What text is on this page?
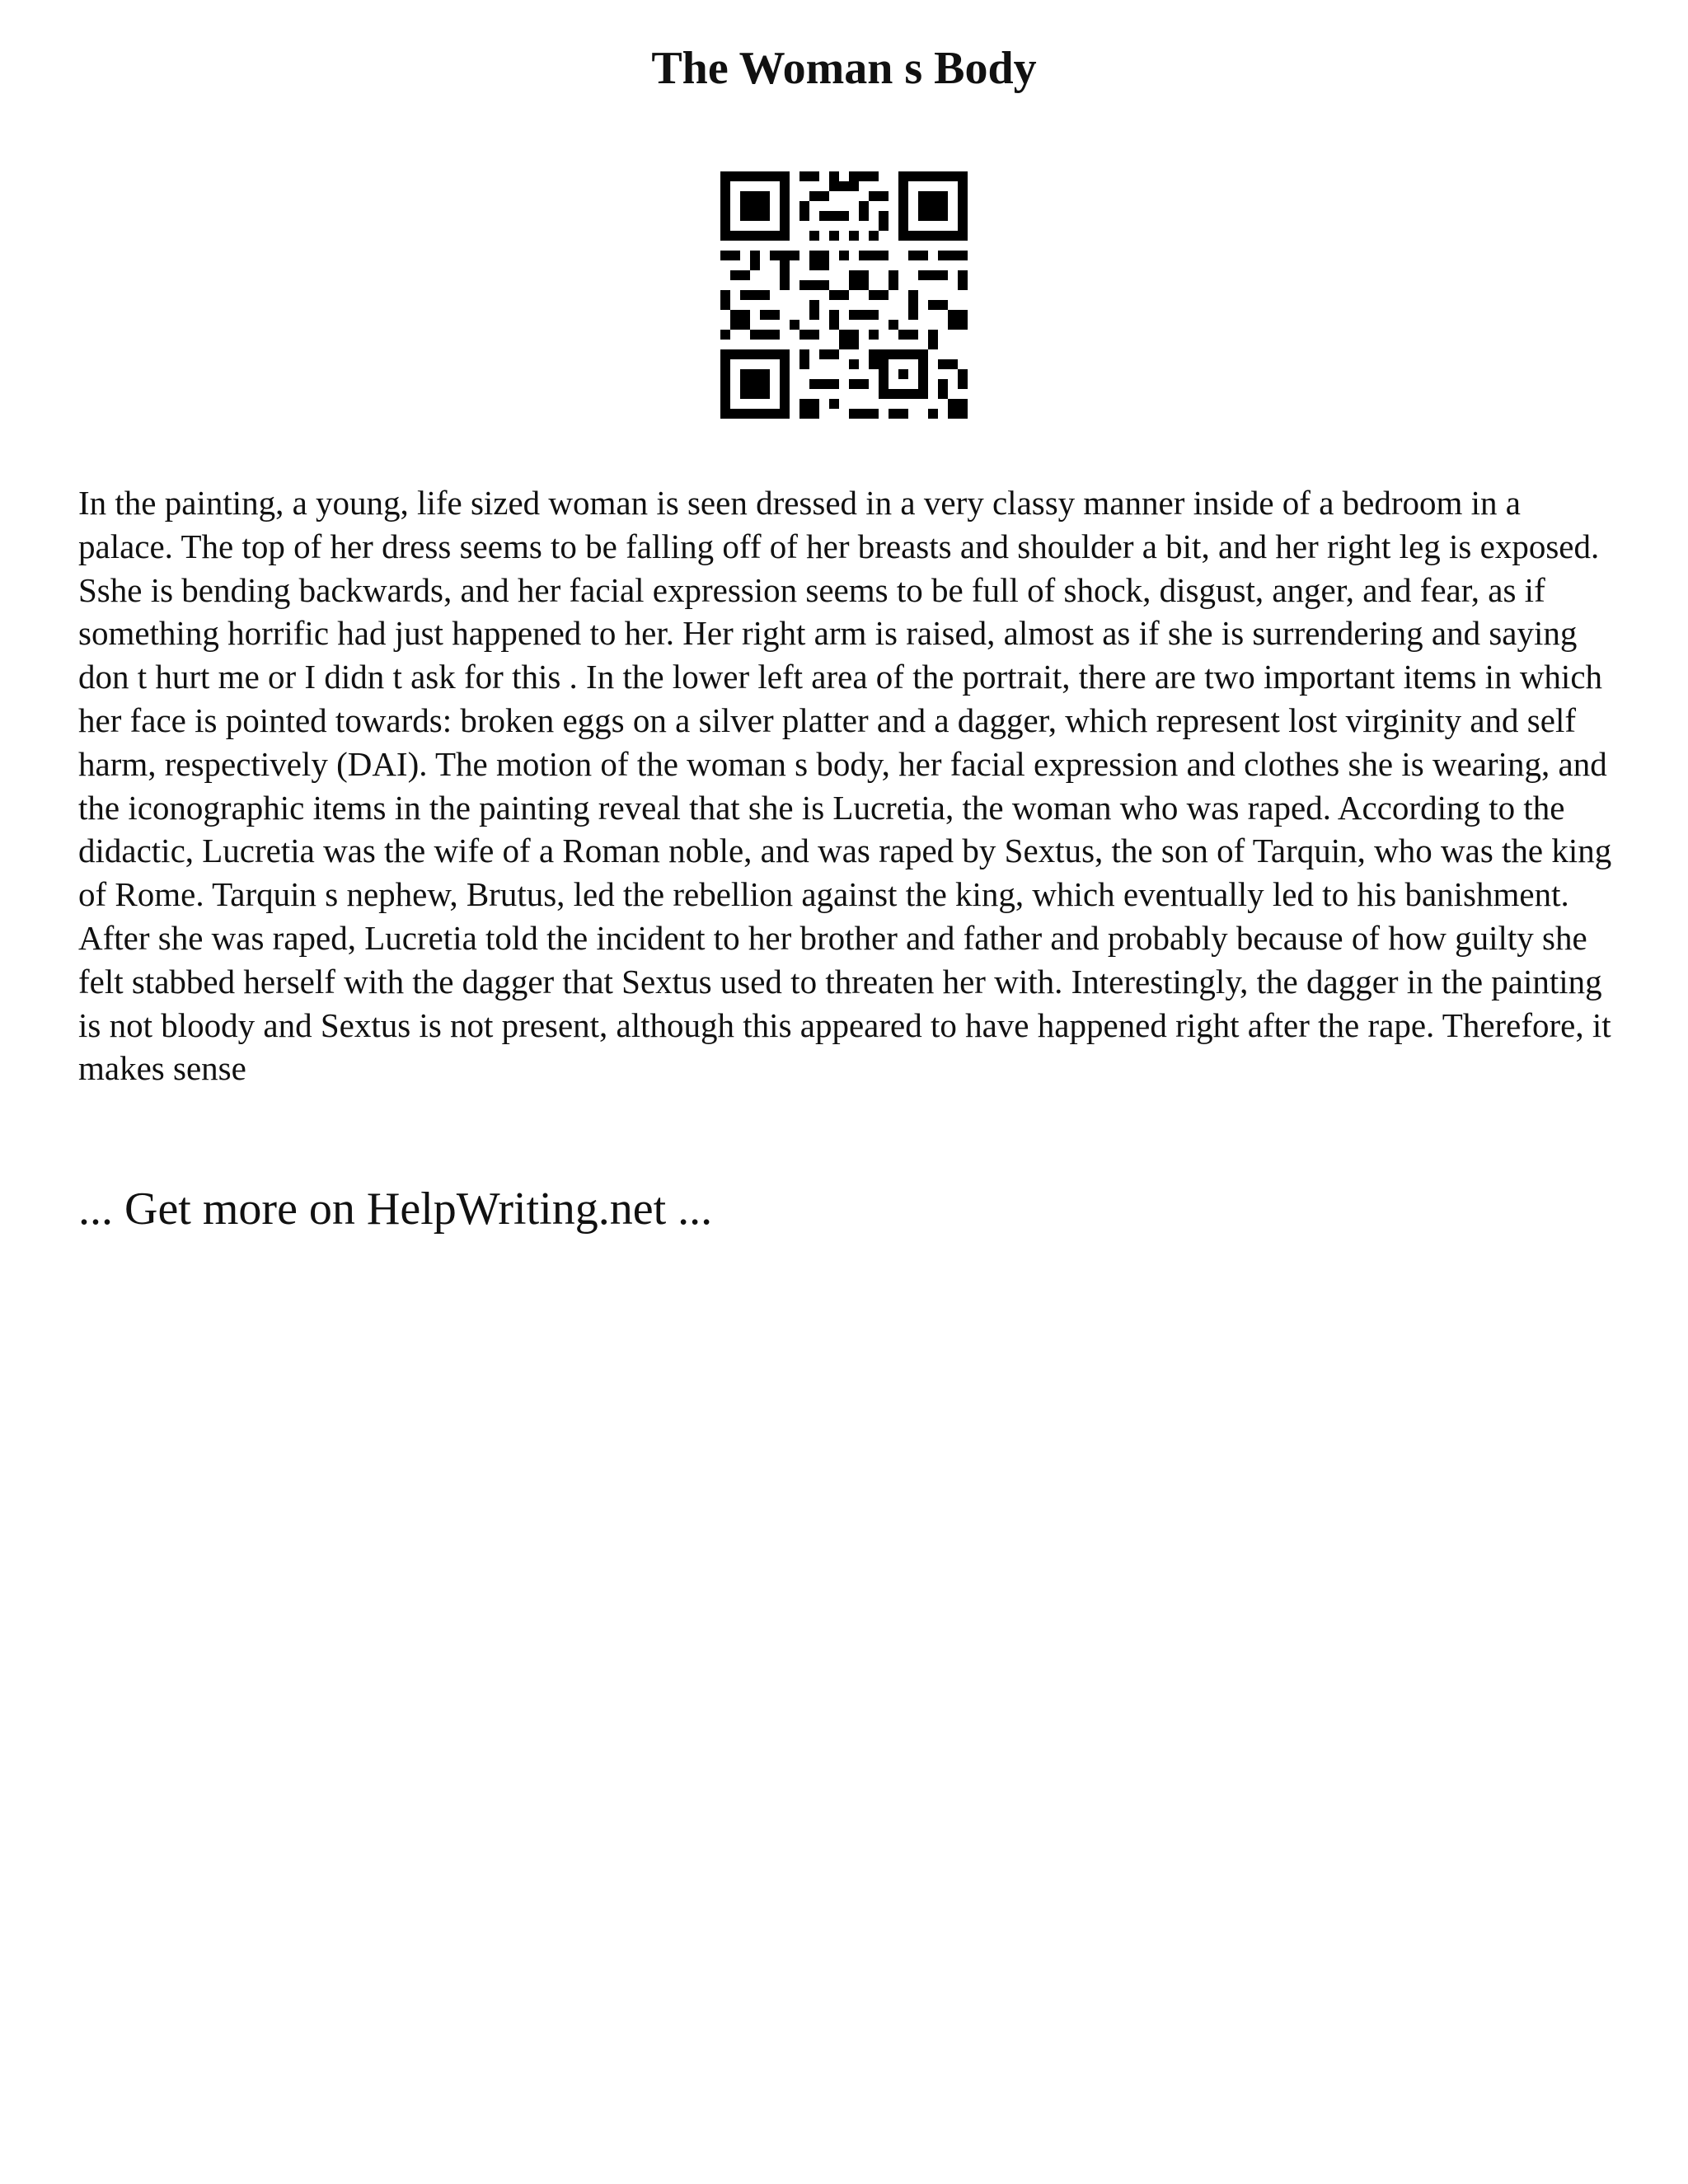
The Woman s Body

In the painting, a young, life sized woman is seen dressed in a very classy manner inside of a bedroom in a palace. The top of her dress seems to be falling off of her breasts and shoulder a bit, and her right leg is exposed. Sshe is bending backwards, and her facial expression seems to be full of shock, disgust, anger, and fear, as if something horrific had just happened to her. Her right arm is raised, almost as if she is surrendering and saying don t hurt me or I didn t ask for this . In the lower left area of the portrait, there are two important items in which her face is pointed towards: broken eggs on a silver platter and a dagger, which represent lost virginity and self harm, respectively (DAI). The motion of the woman s body, her facial expression and clothes she is wearing, and the iconographic items in the painting reveal that she is Lucretia, the woman who was raped. According to the didactic, Lucretia was the wife of a Roman noble, and was raped by Sextus, the son of Tarquin, who was the king of Rome. Tarquin s nephew, Brutus, led the rebellion against the king, which eventually led to his banishment. After she was raped, Lucretia told the incident to her brother and father and probably because of how guilty she felt stabbed herself with the dagger that Sextus used to threaten her with. Interestingly, the dagger in the painting is not bloody and Sextus is not present, although this appeared to have happened right after the rape. Therefore, it makes sense

... Get more on HelpWriting.net ...
